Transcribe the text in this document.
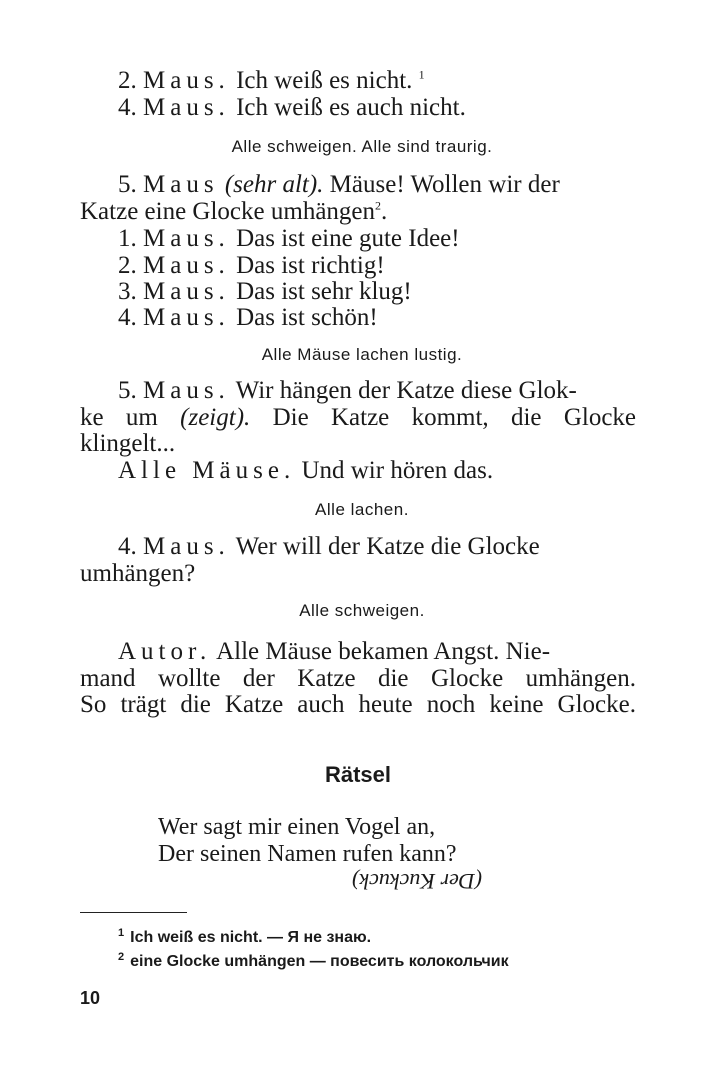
2. Maus. Ich weiß es nicht. $^1$
4. Maus. Ich weiß es auch nicht.
Alle schweigen. Alle sind traurig.
5. Maus (sehr alt). Mäuse! Wollen wir der
Katze eine Glocke umhängen$^2$.
1. Maus. Das ist eine gute Idee!
2. Maus. Das ist richtig!
3. Maus. Das ist sehr klug!
4. Maus. Das ist schön!
Alle Mäuse lachen lustig.
5. Maus. Wir hängen der Katze diese Glok-
ke um (zeigt). Die Katze kommt, die Glocke
klingelt...
Alle Mäuse. Und wir hören das.
Alle lachen.
4. Maus. Wer will der Katze die Glocke
umhängen?
Alle schweigen.
Autor. Alle Mäuse bekamen Angst. Nie-
mand wollte der Katze die Glocke umhängen.
So trägt die Katze auch heute noch keine Glocke.
Rätsel
Wer sagt mir einen Vogel an,
Der seinen Namen rufen kann?
(Der Kuckuck)
$^1$ Ich weiß es nicht. — Я не знаю.
$^2$ eine Glocke umhängen — повесить колокольчик
10
